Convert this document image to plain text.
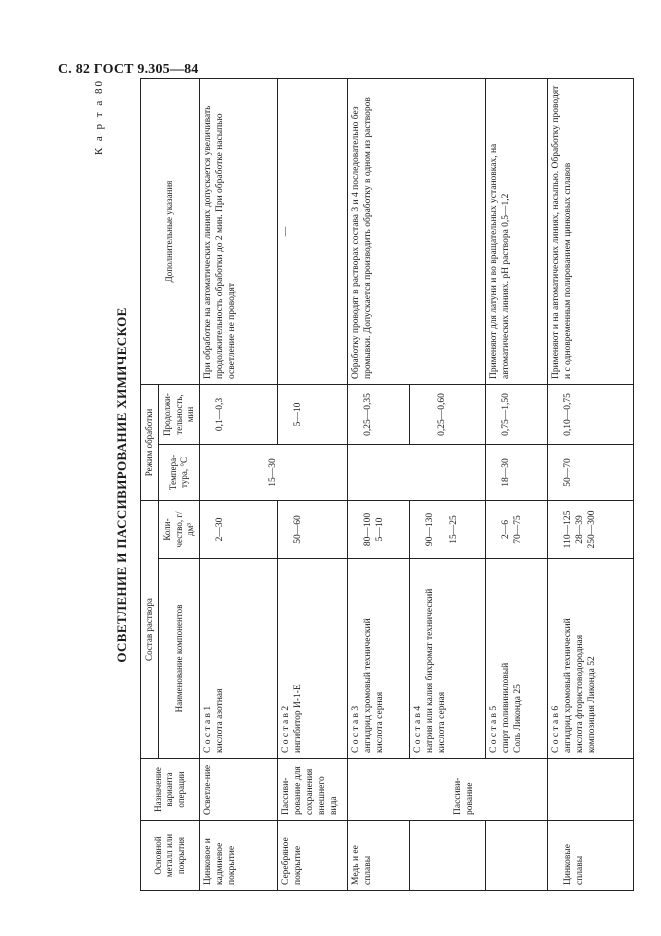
С. 82 ГОСТ 9.305—84
К а р т а 80
ОСВЕТЛЕНИЕ И ПАССИВИРОВАНИЕ ХИМИЧЕСКОЕ
Основной металл или покрытия	Назначение варианта операции	Состав раствора		Режим обработки		Дополнительные указания
		Наименование компонентов	Коли-чество, г/дм³	Темпера-тура, °С	Продолжи-тельность, мин	
Цинковое и кадмиевое покрытие	Осветле-ние	С о с т а в 1 кислота азотная	2—30	15—30	0,1—0,3	При обработке на автоматических линиях допускается увеличивать продолжительность обработки до 2 мин. При обработке насыпью осветление не проводят
Серебряное покрытие	Пассиви-рование для сохранения внешнего вида	С о с т а в 2 ингибитор И-1-Е	50—60		5—10	—
Медь и ее сплавы	Пассиви-рование	С о с т а в 3 ангидрид хромовый технический кислота серная	80—100 5—10		0,25—0,35	Обработку проводят в растворах состава 3 и 4 последовательно без промывки. Допускается производить обработку в одном из растворов

		С о с т а в 4 натрия или калия бихромат технический кислота серная	90—130 15—25		0,25—0,60	

		С о с т а в 5 спирт поливиниловый Соль Ликонда 25	2—6 70—75	18—30	0,75—1,50	Применяют для латуни и во вращательных установках, на автоматических линиях. pH раствора 0,5—1,2

Цинковые сплавы		С о с т а в 6 ангидрид хромовый технический кислота фтористоводородная композиция Ликонда 52	110—125 28—39 250—300	50—70	0,10—0,75	Применяют и на автоматических линиях, насыпью. Обработку проводят и с одновременным полированием цинковых сплавов
